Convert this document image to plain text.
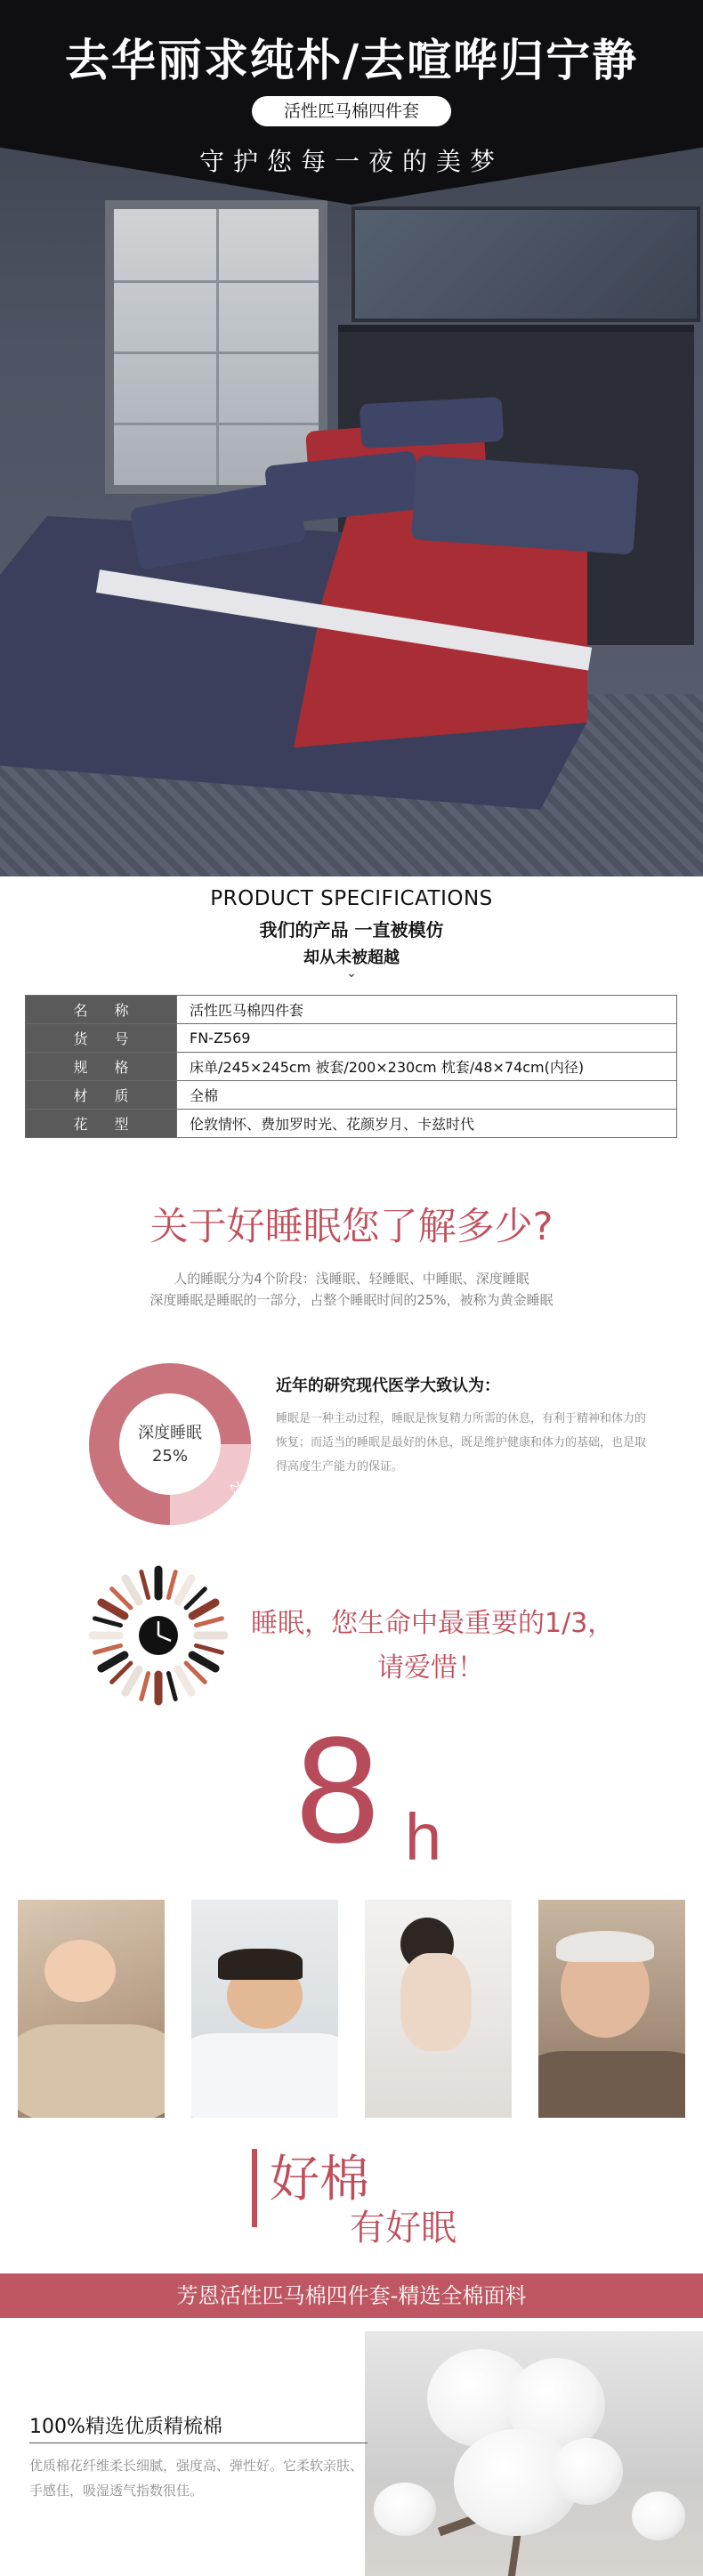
去华丽求纯朴/去喧哗归宁静
活性匹马棉四件套
守护您每一夜的美梦
PRODUCT SPECIFICATIONS
我们的产品 一直被模仿
却从未被超越
⌄
名称	活性匹马棉四件套
货号	FN-Z569
规格	床单/245×245cm 被套/200×230cm 枕套/48×74cm(内径)
材质	全棉
花型	伦敦情怀、费加罗时光、花颜岁月、卡兹时代
关于好睡眠您了解多少?
人的睡眠分为4个阶段：浅睡眠、轻睡眠、中睡眠、深度睡眠
深度睡眠是睡眠的一部分，占整个睡眠时间的25%，被称为黄金睡眠
25%
深度睡眠
25%
近年的研究现代医学大致认为：
睡眠是一种主动过程，睡眠是恢复精力所需的休息，有利于精神和体力的恢复；而适当的睡眠是最好的休息，既是维护健康和体力的基础，也是取得高度生产能力的保证。
睡眠，您生命中最重要的1/3，
请爱惜！
8 h
好棉
有好眠
芳恩活性匹马棉四件套-精选全棉面料
100%精选优质精梳棉
优质棉花纤维柔长细腻，强度高、弹性好。它柔软亲肤、手感佳，吸湿透气指数很佳。
